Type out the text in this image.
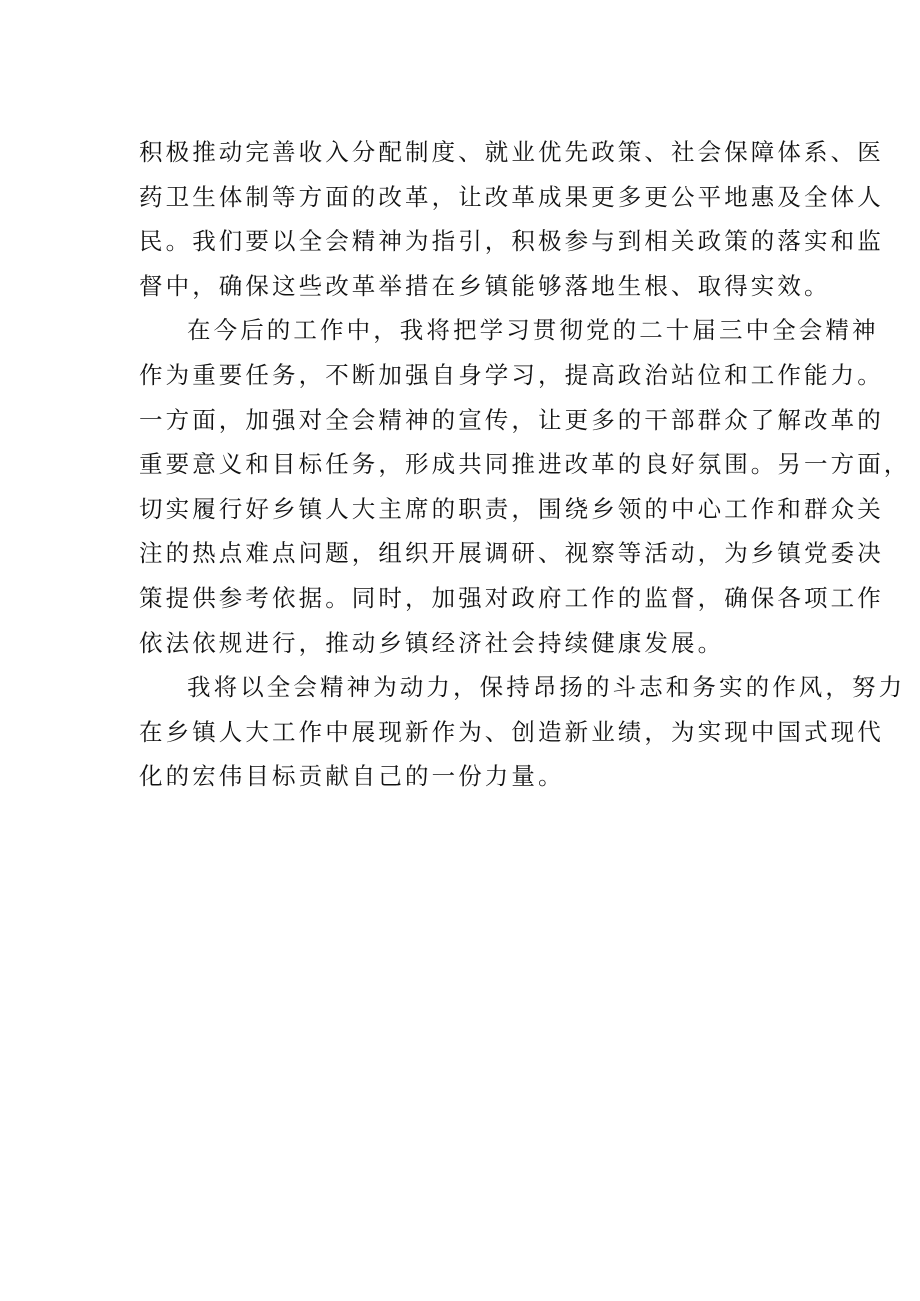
积极推动完善收入分配制度、就业优先政策、社会保障体系、医
药卫生体制等方面的改革，让改革成果更多更公平地惠及全体人
民。我们要以全会精神为指引，积极参与到相关政策的落实和监
督中，确保这些改革举措在乡镇能够落地生根、取得实效。
在今后的工作中，我将把学习贯彻党的二十届三中全会精神
作为重要任务，不断加强自身学习，提高政治站位和工作能力。
一方面，加强对全会精神的宣传，让更多的干部群众了解改革的
重要意义和目标任务，形成共同推进改革的良好氛围。另一方面，
切实履行好乡镇人大主席的职责，围绕乡领的中心工作和群众关
注的热点难点问题，组织开展调研、视察等活动，为乡镇党委决
策提供参考依据。同时，加强对政府工作的监督，确保各项工作
依法依规进行，推动乡镇经济社会持续健康发展。
我将以全会精神为动力，保持昂扬的斗志和务实的作风，努力
在乡镇人大工作中展现新作为、创造新业绩，为实现中国式现代
化的宏伟目标贡献自己的一份力量。
